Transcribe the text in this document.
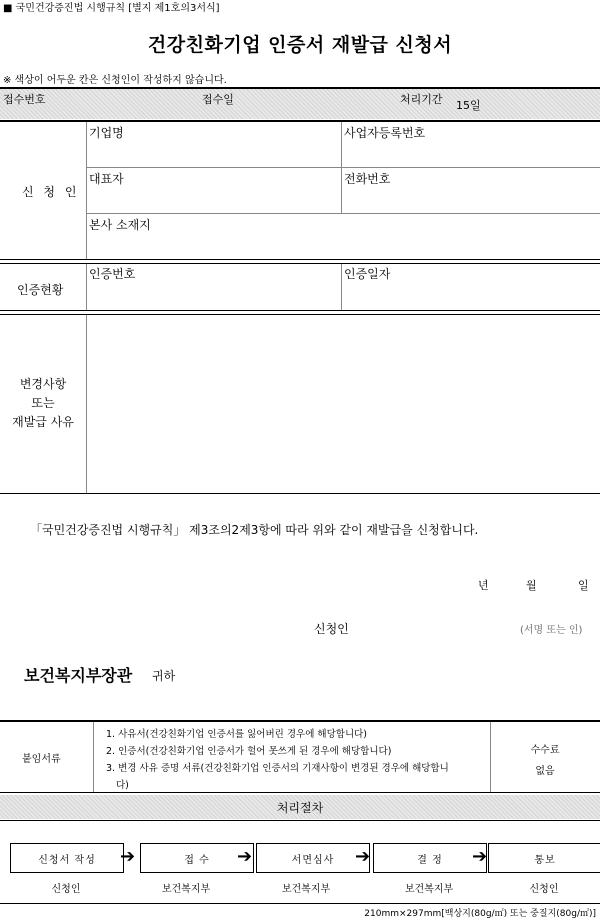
■ 국민건강증진법 시행규칙 [별지 제1호의3서식]
건강친화기업 인증서 재발급 신청서
※ 색상이 어두운 칸은 신청인이 작성하지 않습니다.
접수번호	접수일	처리기간 15일
신 청 인
기업명	사업자등록번호
대표자	전화번호
본사 소재지
인증현황
인증번호	인증일자
변경사항
또는
재발급 사유
「국민건강증진법 시행규칙」 제3조의2제3항에 따라 위와 같이 재발급을 신청합니다.
년	월	일
신청인	(서명 또는 인)
보건복지부장관 귀하
붙임서류
1. 사유서(건강친화기업 인증서를 잃어버린 경우에 해당합니다)
2. 인증서(건강친화기업 인증서가 헐어 못쓰게 된 경우에 해당합니다)
3. 변경 사유 증명 서류(건강친화기업 인증서의 기재사항이 변경된 경우에 해당합니
다)
수수료
없음
처리절차
신청서 작성	➔	접 수	➔	서면심사	➔	결 정	➔	통보
신청인	보건복지부	보건복지부	보건복지부	신청인
210mm×297mm[백상지(80g/㎡) 또는 중질지(80g/㎡)]
